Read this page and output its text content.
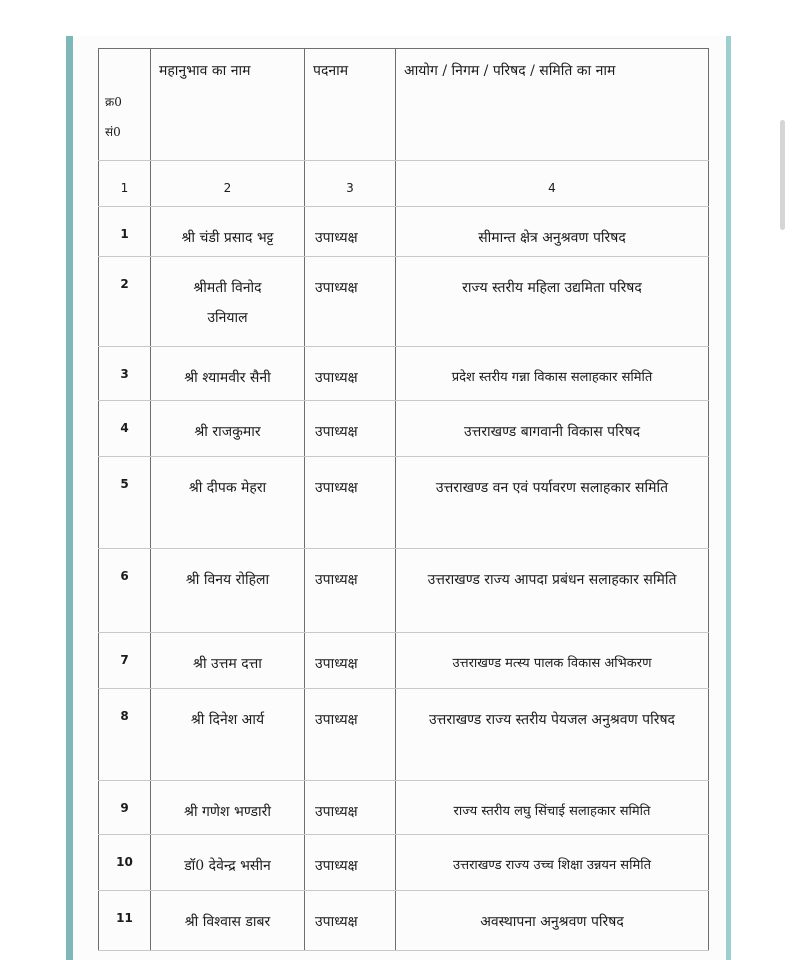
क्र0
सं0	महानुभाव का नाम	पदनाम	आयोग / निगम / परिषद / समिति का नाम
1	2	3	4
1	श्री चंडी प्रसाद भट्ट	उपाध्यक्ष	सीमान्त क्षेत्र अनुश्रवण परिषद
2	श्रीमती विनोद उनियाल	उपाध्यक्ष	राज्य स्तरीय महिला उद्यमिता परिषद
3	श्री श्यामवीर सैनी	उपाध्यक्ष	प्रदेश स्तरीय गन्ना विकास सलाहकार समिति
4	श्री राजकुमार	उपाध्यक्ष	उत्तराखण्ड बागवानी विकास परिषद
5	श्री दीपक मेहरा	उपाध्यक्ष	उत्तराखण्ड वन एवं पर्यावरण सलाहकार समिति
6	श्री विनय रोहिला	उपाध्यक्ष	उत्तराखण्ड राज्य आपदा प्रबंधन सलाहकार समिति
7	श्री उत्तम दत्ता	उपाध्यक्ष	उत्तराखण्ड मत्स्य पालक विकास अभिकरण
8	श्री दिनेश आर्य	उपाध्यक्ष	उत्तराखण्ड राज्य स्तरीय पेयजल अनुश्रवण परिषद
9	श्री गणेश भण्डारी	उपाध्यक्ष	राज्य स्तरीय लघु सिंचाई सलाहकार समिति
10	डॉ0 देवेन्द्र भसीन	उपाध्यक्ष	उत्तराखण्ड राज्य उच्च शिक्षा उन्नयन समिति
11	श्री विश्वास डाबर	उपाध्यक्ष	अवस्थापना अनुश्रवण परिषद
